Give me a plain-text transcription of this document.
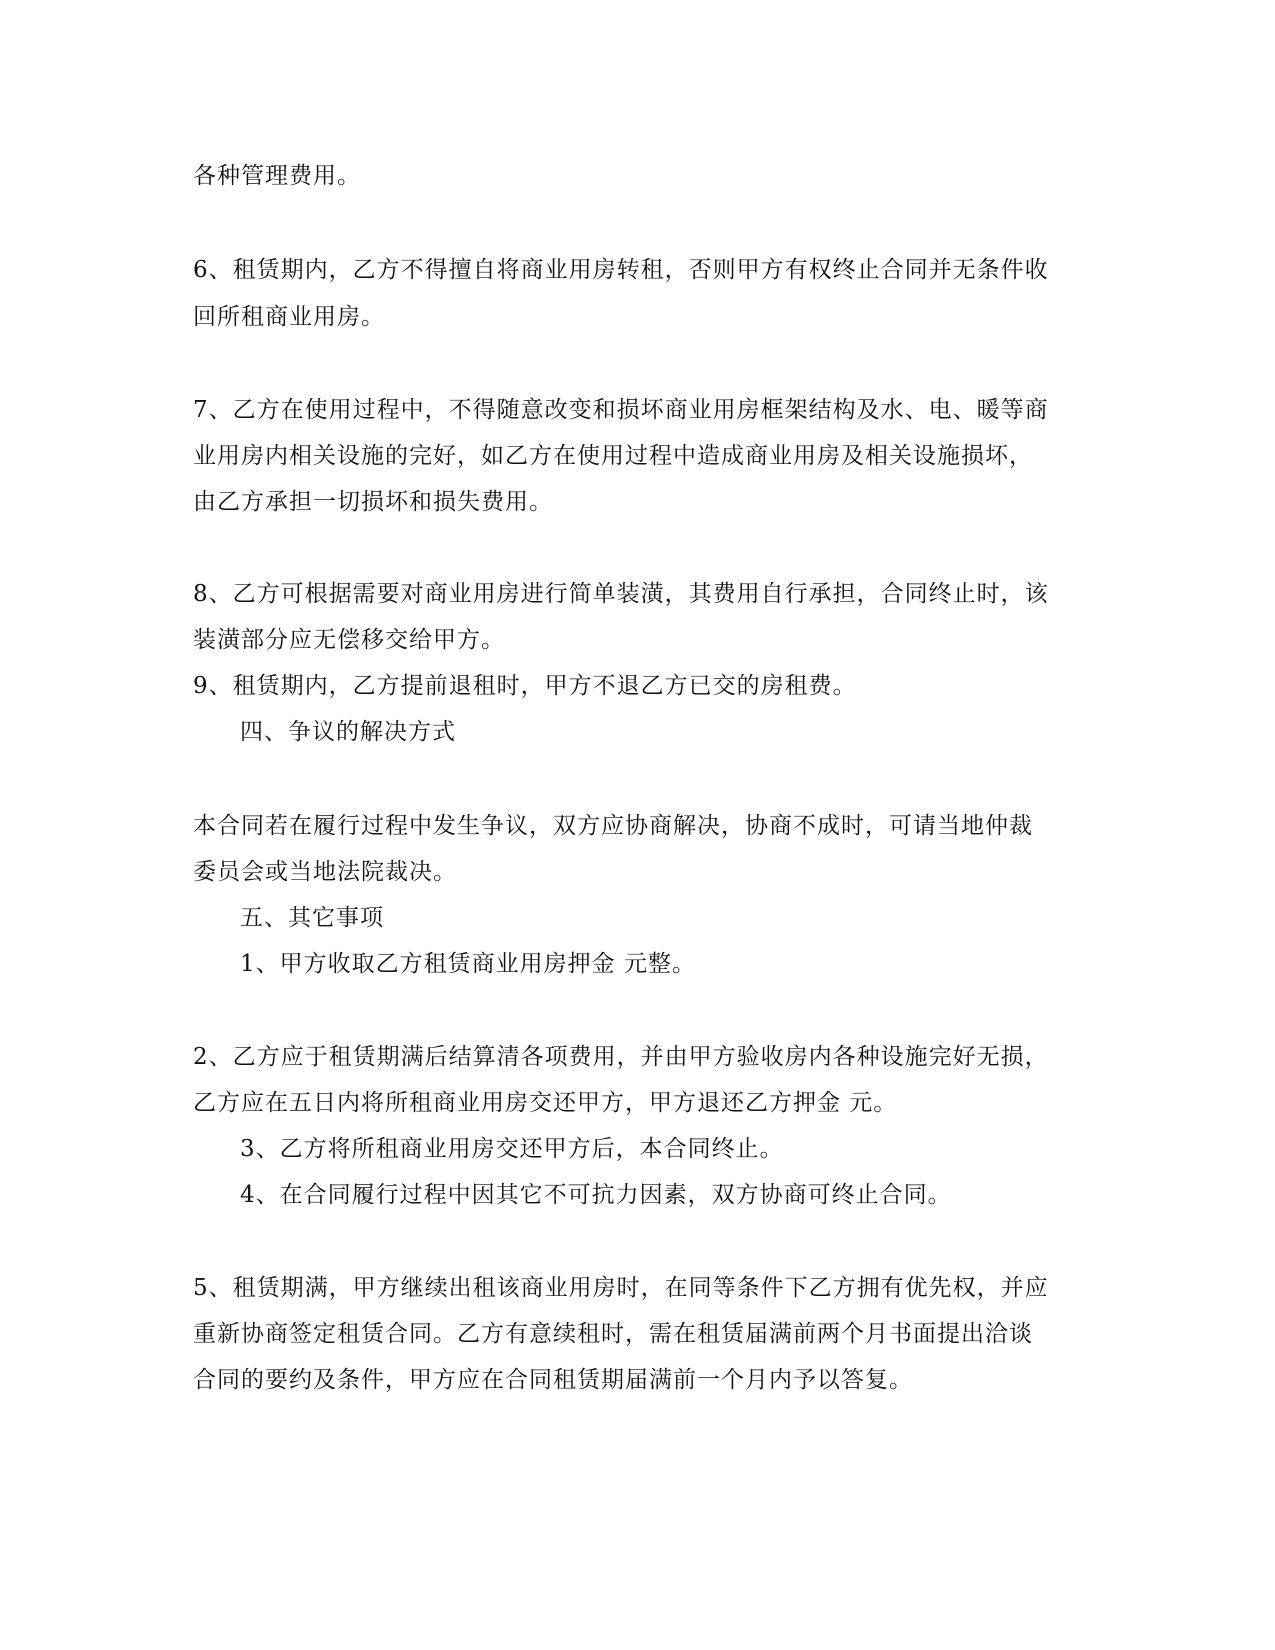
各种管理费用。

6、租赁期内，乙方不得擅自将商业用房转租，否则甲方有权终止合同并无条件收

回所租商业用房。

7、乙方在使用过程中，不得随意改变和损坏商业用房框架结构及水、电、暖等商

业用房内相关设施的完好，如乙方在使用过程中造成商业用房及相关设施损坏，

由乙方承担一切损坏和损失费用。

8、乙方可根据需要对商业用房进行简单装潢，其费用自行承担，合同终止时，该

装潢部分应无偿移交给甲方。

9、租赁期内，乙方提前退租时，甲方不退乙方已交的房租费。

四、争议的解决方式

本合同若在履行过程中发生争议，双方应协商解决，协商不成时，可请当地仲裁

委员会或当地法院裁决。

五、其它事项

1、甲方收取乙方租赁商业用房押金 元整。

2、乙方应于租赁期满后结算清各项费用，并由甲方验收房内各种设施完好无损，

乙方应在五日内将所租商业用房交还甲方，甲方退还乙方押金 元。

3、乙方将所租商业用房交还甲方后，本合同终止。

4、在合同履行过程中因其它不可抗力因素，双方协商可终止合同。

5、租赁期满，甲方继续出租该商业用房时，在同等条件下乙方拥有优先权，并应

重新协商签定租赁合同。乙方有意续租时，需在租赁届满前两个月书面提出洽谈

合同的要约及条件，甲方应在合同租赁期届满前一个月内予以答复。
